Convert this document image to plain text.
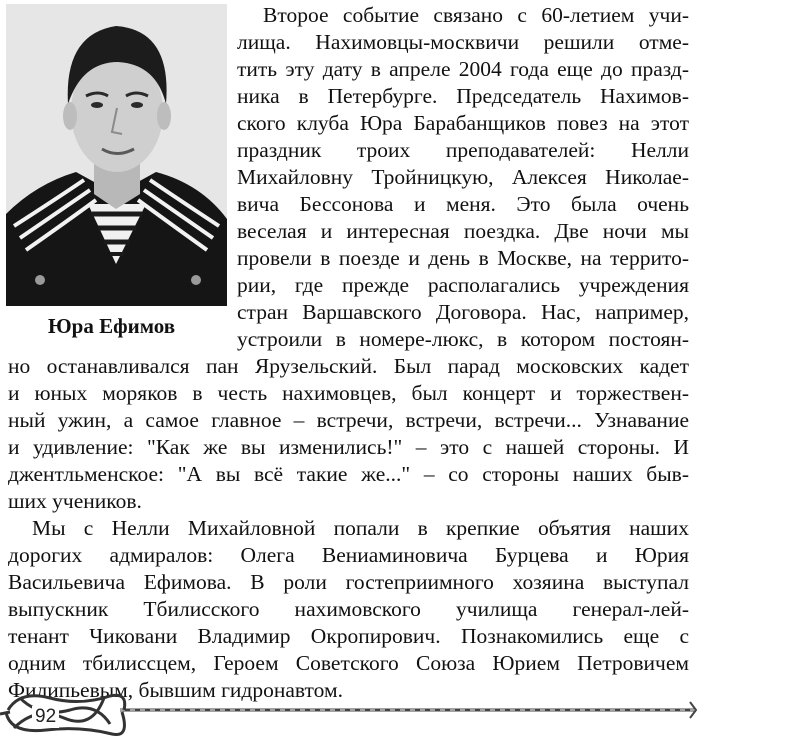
Юра Ефимов
Второе событие связано с 60-летием учи-
лища. Нахимовцы-москвичи решили отме-
тить эту дату в апреле 2004 года еще до празд-
ника в Петербурге. Председатель Нахимов-
ского клуба Юра Барабанщиков повез на этот
праздник троих преподавателей: Нелли
Михайловну Тройницкую, Алексея Николае-
вича Бессонова и меня. Это была очень
веселая и интересная поездка. Две ночи мы
провели в поезде и день в Москве, на террито-
рии, где прежде располагались учреждения
стран Варшавского Договора. Нас, например,
устроили в номере-люкс, в котором постоян-
но останавливался пан Ярузельский. Был парад московских кадет
и юных моряков в честь нахимовцев, был концерт и торжествен-
ный ужин, а самое главное – встречи, встречи, встречи... Узнавание
и удивление: "Как же вы изменились!" – это с нашей стороны. И
джентльменское: "А вы всё такие же..." – со стороны наших быв-
ших учеников.
Мы с Нелли Михайловной попали в крепкие объятия наших
дорогих адмиралов: Олега Вениаминовича Бурцева и Юрия
Васильевича Ефимова. В роли гостеприимного хозяина выступал
выпускник Тбилисского нахимовского училища генерал-лей-
тенант Чиковани Владимир Окропирович. Познакомились еще с
одним тбилиссцем, Героем Советского Союза Юрием Петровичем
Филипьевым, бывшим гидронавтом.
92
